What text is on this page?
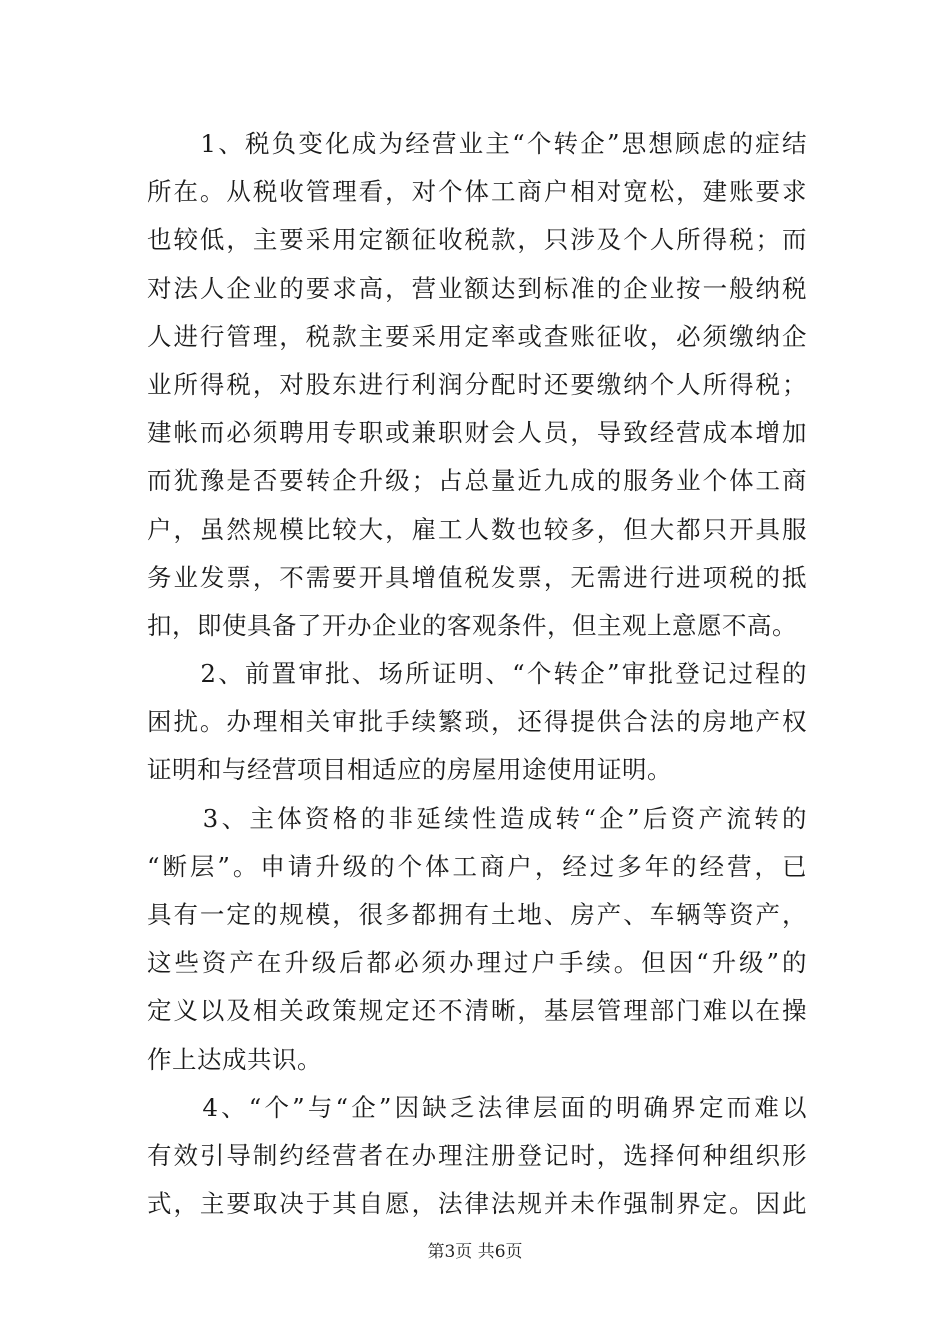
　　1、税负变化成为经营业主“个转企”思想顾虑的症结
所在。从税收管理看，对个体工商户相对宽松，建账要求
也较低，主要采用定额征收税款，只涉及个人所得税；而
对法人企业的要求高，营业额达到标准的企业按一般纳税
人进行管理，税款主要采用定率或查账征收，必须缴纳企
业所得税，对股东进行利润分配时还要缴纳个人所得税；
建帐而必须聘用专职或兼职财会人员，导致经营成本增加
而犹豫是否要转企升级；占总量近九成的服务业个体工商
户，虽然规模比较大，雇工人数也较多，但大都只开具服
务业发票，不需要开具增值税发票，无需进行进项税的抵
扣，即使具备了开办企业的客观条件，但主观上意愿不高。
　　2、前置审批、场所证明、“个转企”审批登记过程的
困扰。办理相关审批手续繁琐，还得提供合法的房地产权
证明和与经营项目相适应的房屋用途使用证明。
　　3、主体资格的非延续性造成转“企”后资产流转的
“断层”。申请升级的个体工商户，经过多年的经营，已
具有一定的规模，很多都拥有土地、房产、车辆等资产，
这些资产在升级后都必须办理过户手续。但因“升级”的
定义以及相关政策规定还不清晰，基层管理部门难以在操
作上达成共识。
　　4、“个”与“企”因缺乏法律层面的明确界定而难以
有效引导制约经营者在办理注册登记时，选择何种组织形
式，主要取决于其自愿，法律法规并未作强制界定。因此
第3页 共6页
